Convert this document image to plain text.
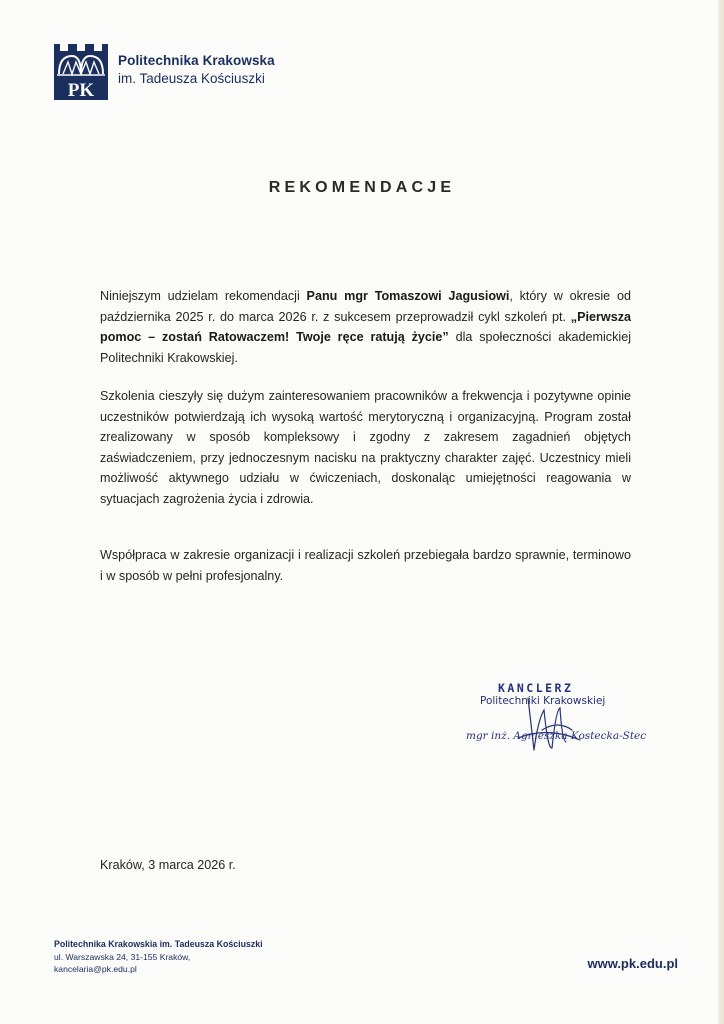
PK
Politechnika Krakowska
im. Tadeusza Kościuszki
REKOMENDACJE
Niniejszym udzielam rekomendacji Panu mgr Tomaszowi Jagusiowi, który w okresie od października 2025 r. do marca 2026 r. z sukcesem przeprowadził cykl szkoleń pt. „Pierwsza pomoc – zostań Ratowaczem! Twoje ręce ratują życie” dla społeczności akademickiej Politechniki Krakowskiej.
Szkolenia cieszyły się dużym zainteresowaniem pracowników a frekwencja i pozytywne opinie uczestników potwierdzają ich wysoką wartość merytoryczną i organizacyjną. Program został zrealizowany w sposób kompleksowy i zgodny z zakresem zagadnień objętych zaświadczeniem, przy jednoczesnym nacisku na praktyczny charakter zajęć. Uczestnicy mieli możliwość aktywnego udziału w ćwiczeniach, doskonaląc umiejętności reagowania w sytuacjach zagrożenia życia i zdrowia.
Współpraca w zakresie organizacji i realizacji szkoleń przebiegała bardzo sprawnie, terminowo i w sposób w pełni profesjonalny.
KANCLERZ
Politechniki Krakowskiej
mgr inż. Agnieszka Kostecka-Stec
Kraków, 3 marca 2026 r.
Politechnika Krakowskia im. Tadeusza Kościuszki
ul. Warszawska 24, 31-155 Kraków,
kancelaria@pk.edu.pl	www.pk.edu.pl
